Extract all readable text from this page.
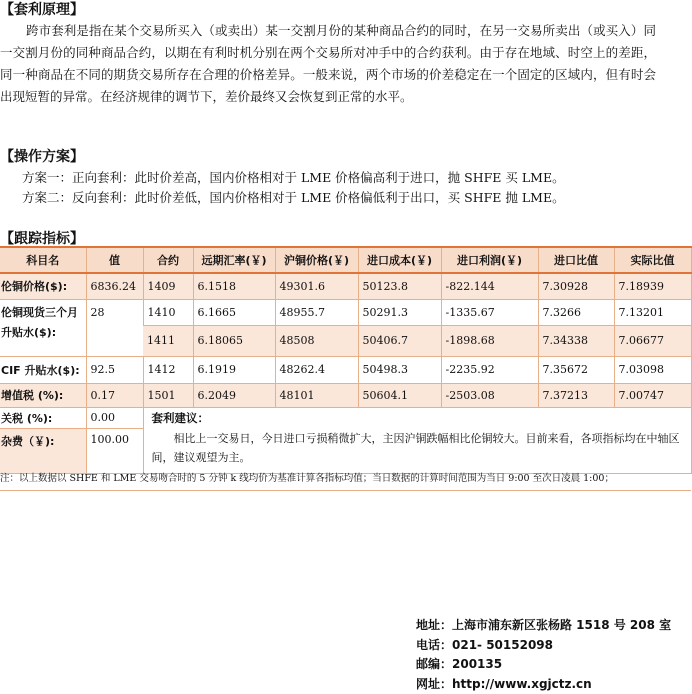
【套利原理】
跨市套利是指在某个交易所买入（或卖出）某一交割月份的某种商品合约的同时，在另一交易所卖出（或买入）同一交割月份的同种商品合约，以期在有利时机分别在两个交易所对冲手中的合约获利。由于存在地域、时空上的差距，同一种商品在不同的期货交易所存在合理的价格差异。一般来说，两个市场的价差稳定在一个固定的区域内，但有时会出现短暂的异常。在经济规律的调节下，差价最终又会恢复到正常的水平。
【操作方案】
方案一：正向套利：此时价差高，国内价格相对于 LME 价格偏高利于进口，抛 SHFE 买 LME。
方案二：反向套利：此时价差低，国内价格相对于 LME 价格偏低利于出口，买 SHFE 抛 LME。
【跟踪指标】
科目名	值	合约	远期汇率(￥)	沪铜价格(￥)	进口成本(￥)	进口利润(￥)	进口比值	实际比值
伦铜价格($):	6836.24	1409	6.1518	49301.6	50123.8	-822.144	7.30928	7.18939
伦铜现货三个月升贴水($):	28	1410	6.1665	48955.7	50291.3	-1335.67	7.3266	7.13201
		1411	6.18065	48508	50406.7	-1898.68	7.34338	7.06677
CIF 升贴水($):	92.5	1412	6.1919	48262.4	50498.3	-2235.92	7.35672	7.03098
增值税 (%):	0.17	1501	6.2049	48101	50604.1	-2503.08	7.37213	7.00747
关税 (%):	0.00	套利建议：
相比上一交易日，今日进口亏损稍微扩大，主因沪铜跌幅相比伦铜较大。目前来看，各项指标均在中轴区间，建议观望为主。						

杂费（￥):	100.00							
注：以上数据以 SHFE 和 LME 交易吻合时的 5 分钟 k 线均价为基准计算各指标均值；当日数据的计算时间范围为当日 9:00 至次日凌晨 1:00；
地址：上海市浦东新区张杨路 1518 号 208 室
电话：021- 50152098
邮编：200135
网址：http://www.xgjctz.cn
